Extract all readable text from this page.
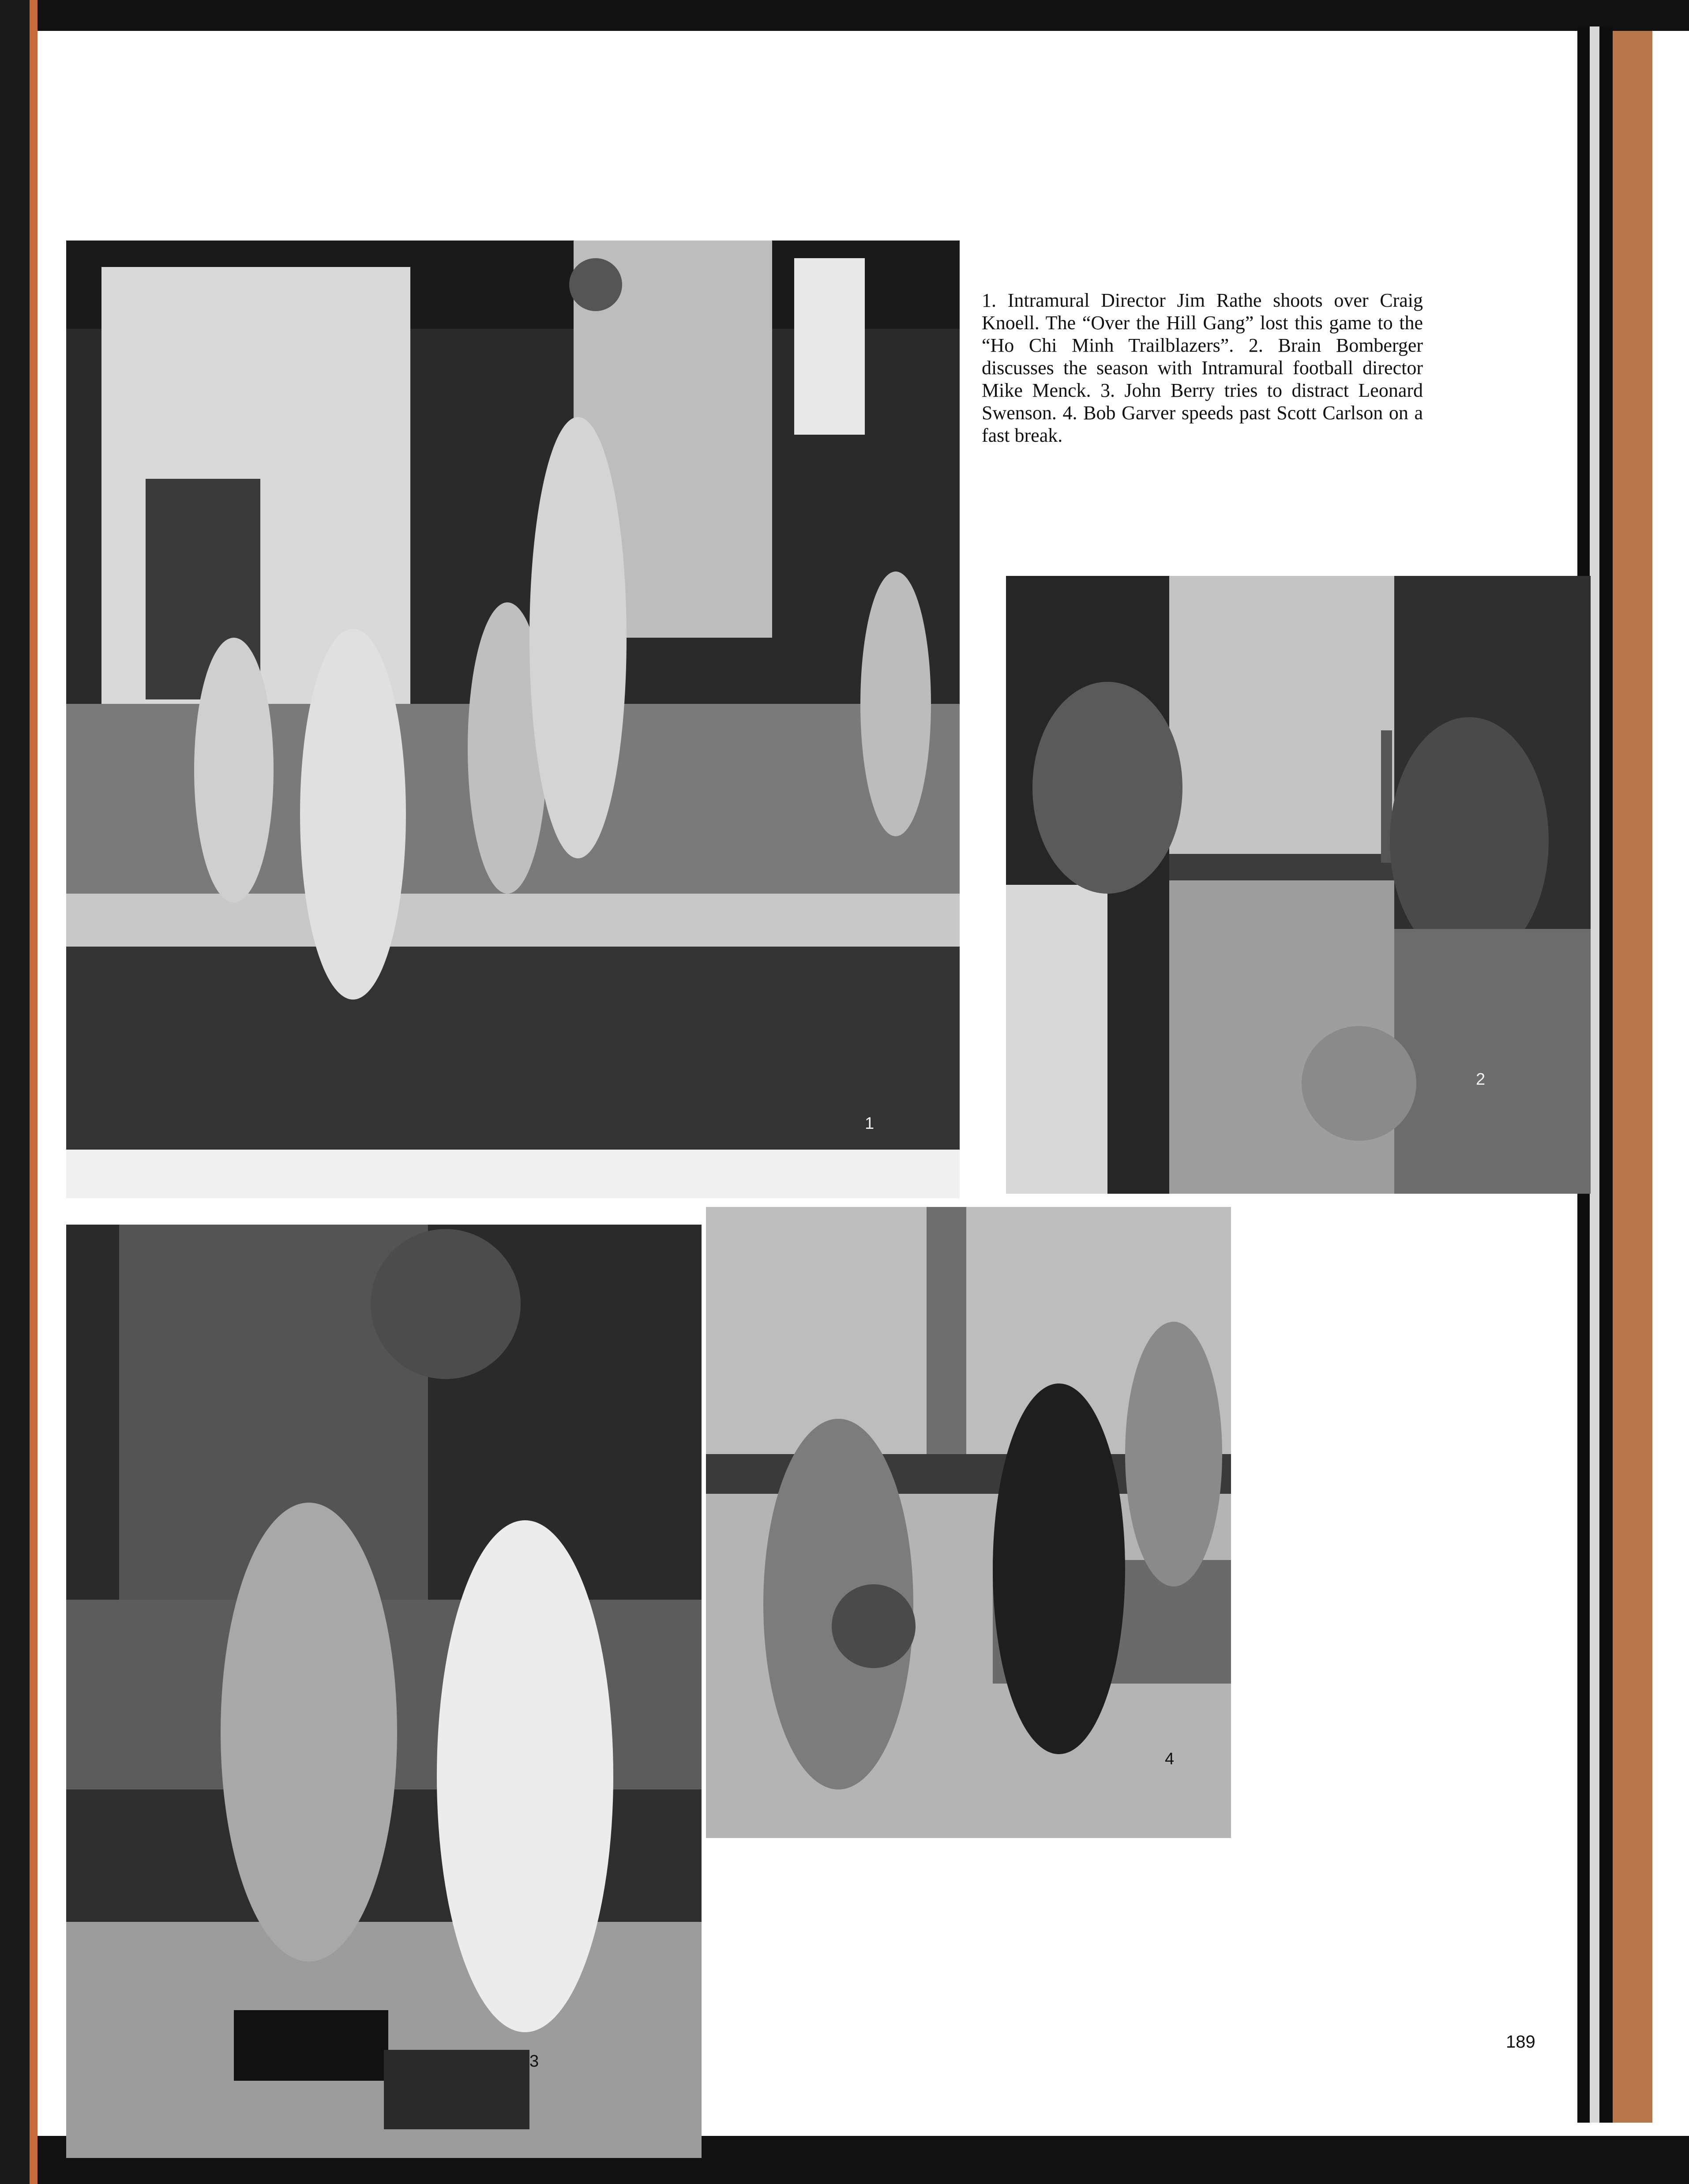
1
1. Intramural Director Jim Rathe shoots over Craig Knoell. The “Over the Hill Gang” lost this game to the “Ho Chi Minh Trailblazers”. 2. Brain Bomberger discusses the season with Intramural football director Mike Menck. 3. John Berry tries to distract Leonard Swenson. 4. Bob Garver speeds past Scott Carlson on a fast break.
2
3
4
189
